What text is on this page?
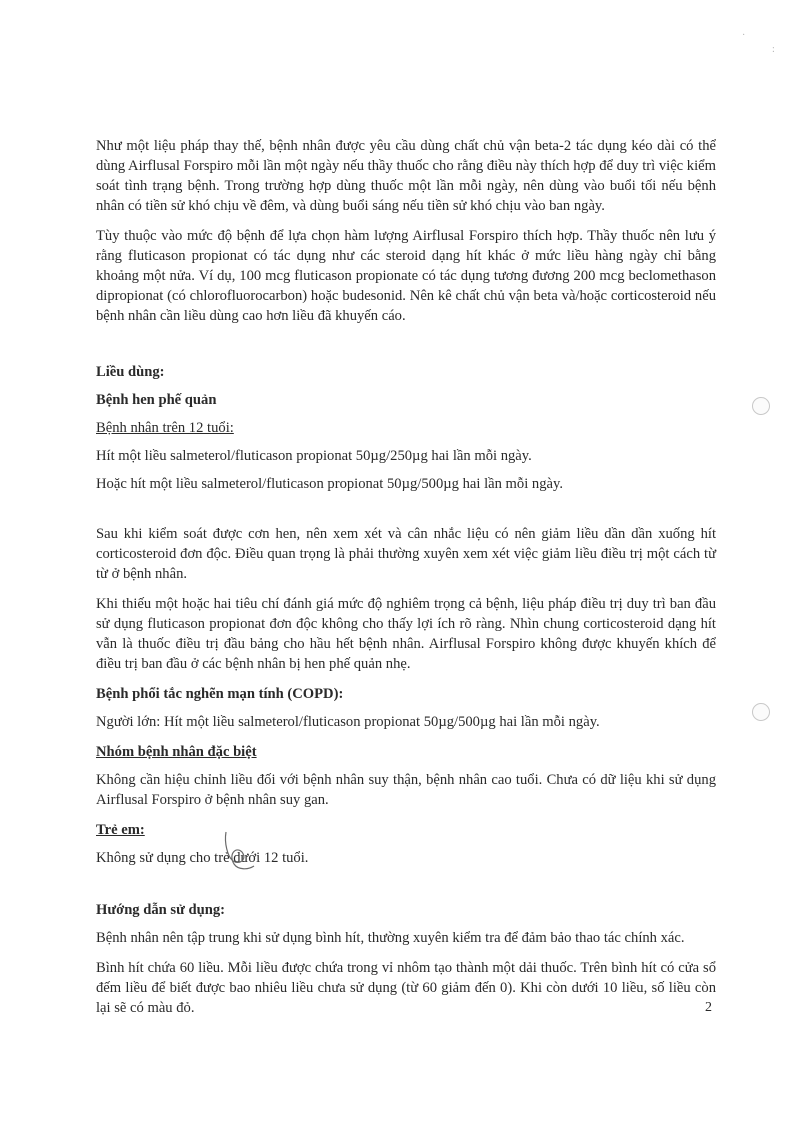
·
:

Như một liệu pháp thay thế, bệnh nhân được yêu cầu dùng chất chủ vận beta-2 tác dụng kéo dài có thể dùng Airflusal Forspiro mỗi lần một ngày nếu thầy thuốc cho rằng điều này thích hợp để duy trì việc kiểm soát tình trạng bệnh. Trong trường hợp dùng thuốc một lần mỗi ngày, nên dùng vào buổi tối nếu bệnh nhân có tiền sử khó chịu về đêm, và dùng buổi sáng nếu tiền sử khó chịu vào ban ngày.

Tùy thuộc vào mức độ bệnh để lựa chọn hàm lượng Airflusal Forspiro thích hợp. Thầy thuốc nên lưu ý rằng fluticason propionat có tác dụng như các steroid dạng hít khác ở mức liều hàng ngày chỉ bằng khoảng một nửa. Ví dụ, 100 mcg fluticason propionate có tác dụng tương đương 200 mcg beclomethason dipropionat (có chlorofluorocarbon) hoặc budesonid. Nên kê chất chủ vận beta và/hoặc corticosteroid nếu bệnh nhân cần liều dùng cao hơn liều đã khuyến cáo.

Liều dùng:
Bệnh hen phế quản

Bệnh nhân trên 12 tuổi:

Hít một liều salmeterol/fluticason propionat 50µg/250µg hai lần mỗi ngày.

Hoặc hít một liều salmeterol/fluticason propionat 50µg/500µg hai lần mỗi ngày.

Sau khi kiểm soát được cơn hen, nên xem xét và cân nhắc liệu có nên giảm liều dần dần xuống hít corticosteroid đơn độc. Điều quan trọng là phải thường xuyên xem xét việc giảm liều điều trị một cách từ từ ở bệnh nhân.

Khi thiếu một hoặc hai tiêu chí đánh giá mức độ nghiêm trọng cả bệnh, liệu pháp điều trị duy trì ban đầu sử dụng fluticason propionat đơn độc không cho thấy lợi ích rõ ràng. Nhìn chung corticosteroid dạng hít vẫn là thuốc điều trị đầu bảng cho hầu hết bệnh nhân. Airflusal Forspiro không được khuyến khích để điều trị ban đầu ở các bệnh nhân bị hen phế quản nhẹ.

Bệnh phổi tắc nghẽn mạn tính (COPD):

Người lớn: Hít một liều salmeterol/fluticason propionat 50µg/500µg hai lần mỗi ngày.

Nhóm bệnh nhân đặc biệt

Không cần hiệu chỉnh liều đối với bệnh nhân suy thận, bệnh nhân cao tuổi. Chưa có dữ liệu khi sử dụng Airflusal Forspiro ở bệnh nhân suy gan.

Trẻ em:

Không sử dụng cho trẻ dưới 12 tuổi.

Hướng dẫn sử dụng:

Bệnh nhân nên tập trung khi sử dụng bình hít, thường xuyên kiểm tra để đảm bảo thao tác chính xác.

Bình hít chứa 60 liều. Mỗi liều được chứa trong vỉ nhôm tạo thành một dải thuốc. Trên bình hít có cửa sổ đếm liều để biết được bao nhiêu liều chưa sử dụng (từ 60 giảm đến 0). Khi còn dưới 10 liều, số liều còn lại sẽ có màu đỏ.	2
